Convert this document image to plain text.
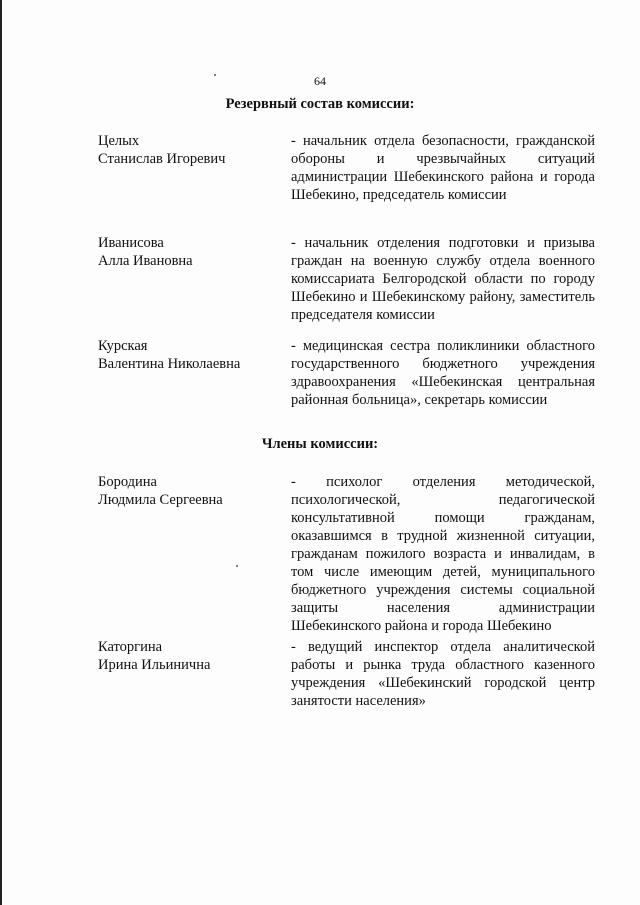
64
Резервный состав комиссии:
Целых
Станислав Игоревич
- начальник отдела безопасности, гражданской обороны и чрезвычайных ситуаций администрации Шебекинского района и города Шебекино, председатель комиссии
Иванисова
Алла Ивановна
- начальник отделения подготовки и призыва граждан на военную службу отдела военного комиссариата Белгородской области по городу Шебекино и Шебекинскому району, заместитель председателя комиссии
Курская
Валентина Николаевна
- медицинская сестра поликлиники областного государственного бюджетного учреждения здравоохранения «Шебекинская центральная районная больница», секретарь комиссии
Члены комиссии:
Бородина
Людмила Сергеевна
- психолог отделения методической, психологической, педагогической консультативной помощи гражданам, оказавшимся в трудной жизненной ситуации, гражданам пожилого возраста и инвалидам, в том числе имеющим детей, муниципального бюджетного учреждения системы социальной защиты населения администрации Шебекинского района и города Шебекино
Каторгина
Ирина Ильинична
- ведущий инспектор отдела аналитической работы и рынка труда областного казенного учреждения «Шебекинский городской центр занятости населения»
